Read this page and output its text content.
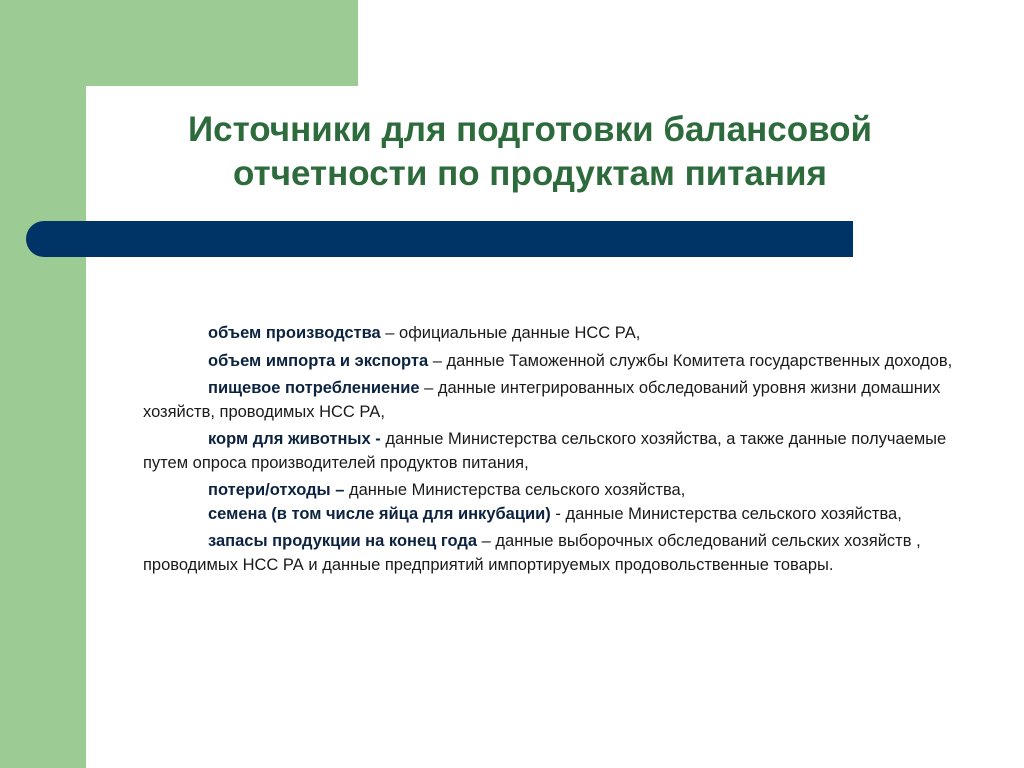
Источники для подготовки балансовой
отчетности по продуктам питания

объем производства – официальные данные НСС РА,

объем импорта и экспорта – данные Таможенной службы Комитета государственных доходов,

пищевое потреблениение – данные интегрированных обследований уровня жизни домашних хозяйств, проводимых НСС РА,

корм для животных - данные Министерства сельского хозяйства, а также данные получаемые путем опроса производителей продуктов питания,

потери/отходы – данные Министерства сельского хозяйства,

семена (в том числе яйца для инкубации) - данные Министерства сельского хозяйства,

запасы продукции на конец года – данные выборочных обследований сельских хозяйств , проводимых НСС РА и данные предприятий импортируемых продовольственные товары.
